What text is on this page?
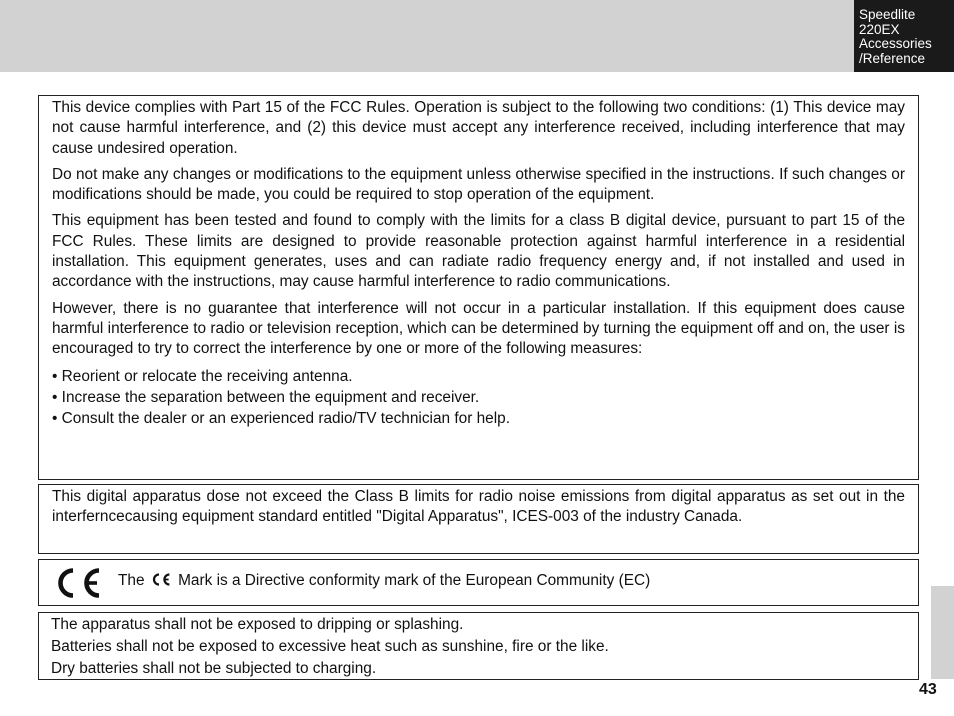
Speedlite
220EX
Accessories
/Reference

This device complies with Part 15 of the FCC Rules. Operation is subject to the following two conditions: (1) This device may not cause harmful interference, and (2) this device must accept any interference received, including interference that may cause undesired operation.

Do not make any changes or modifications to the equipment unless otherwise specified in the instructions. If such changes or modifications should be made, you could be required to stop operation of the equipment.

This equipment has been tested and found to comply with the limits for a class B digital device, pursuant to part 15 of the FCC Rules. These limits are designed to provide reasonable protection against harmful interference in a residential installation. This equipment generates, uses and can radiate radio frequency energy and, if not installed and used in accordance with the instructions, may cause harmful interference to radio communications.

However, there is no guarantee that interference will not occur in a particular installation. If this equipment does cause harmful interference to radio or television reception, which can be determined by turning the equipment off and on, the user is encouraged to try to correct the interference by one or more of the following measures:

• Reorient or relocate the receiving antenna.
• Increase the separation between the equipment and receiver.
• Consult the dealer or an experienced radio/TV technician for help.

This digital apparatus dose not exceed the Class B limits for radio noise emissions from digital apparatus as set out in the interferncecausing equipment standard entitled "Digital Apparatus", ICES-003 of the industry Canada.

The Mark is a Directive conformity mark of the European Community (EC)

The apparatus shall not be exposed to dripping or splashing.

Batteries shall not be exposed to excessive heat such as sunshine, fire or the like.

Dry batteries shall not be subjected to charging.

43
